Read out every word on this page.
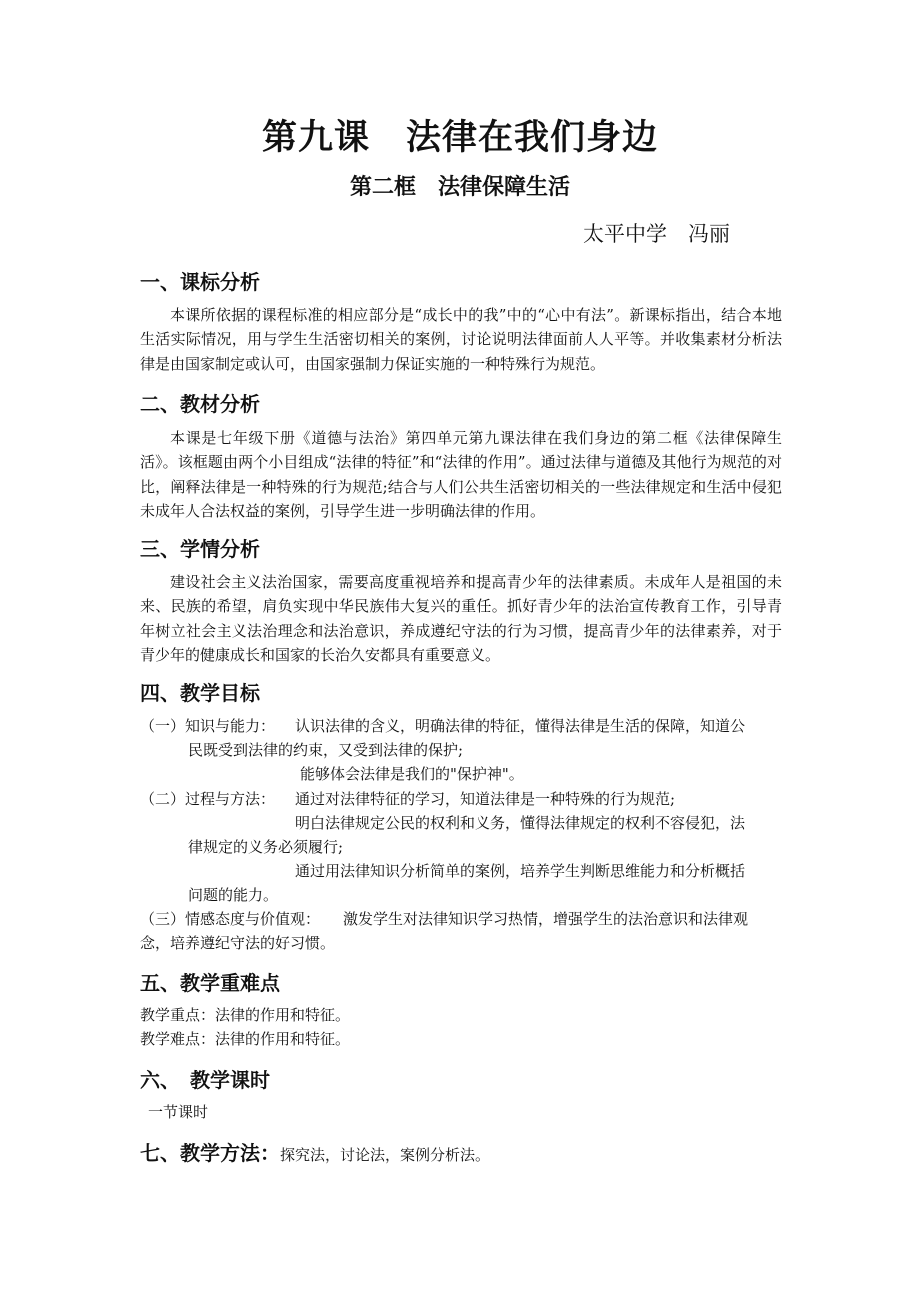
第九课　法律在我们身边
第二框　法律保障生活
太平中学　冯丽
一、课标分析
本课所依据的课程标准的相应部分是“成长中的我”中的“心中有法”。新课标指出，结合本地生活实际情况，用与学生生活密切相关的案例，讨论说明法律面前人人平等。并收集素材分析法律是由国家制定或认可，由国家强制力保证实施的一种特殊行为规范。
二、教材分析
本课是七年级下册《道德与法治》第四单元第九课法律在我们身边的第二框《法律保障生活》。该框题由两个小目组成“法律的特征”和“法律的作用”。通过法律与道德及其他行为规范的对比，阐释法律是一种特殊的行为规范;结合与人们公共生活密切相关的一些法律规定和生活中侵犯未成年人合法权益的案例，引导学生进一步明确法律的作用。
三、学情分析
建设社会主义法治国家，需要高度重视培养和提高青少年的法律素质。未成年人是祖国的未来、民族的希望，肩负实现中华民族伟大复兴的重任。抓好青少年的法治宣传教育工作，引导青年树立社会主义法治理念和法治意识，养成遵纪守法的行为习惯，提高青少年的法律素养，对于青少年的健康成长和国家的长治久安都具有重要意义。
四、教学目标
（一）知识与能力： 认识法律的含义，明确法律的特征，懂得法律是生活的保障，知道公
民既受到法律的约束，又受到法律的保护;
能够体会法律是我们的"保护神"。
（二）过程与方法： 通过对法律特征的学习，知道法律是一种特殊的行为规范;
明白法律规定公民的权利和义务，懂得法律规定的权利不容侵犯，法
律规定的义务必须履行;
通过用法律知识分析简单的案例，培养学生判断思维能力和分析概括
问题的能力。
（三）情感态度与价值观： 激发学生对法律知识学习热情，增强学生的法治意识和法律观
念，培养遵纪守法的好习惯。
五、教学重难点
教学重点：法律的作用和特征。
教学难点：法律的作用和特征。
六、　教学课时
一节课时
七、教学方法：探究法，讨论法，案例分析法。
